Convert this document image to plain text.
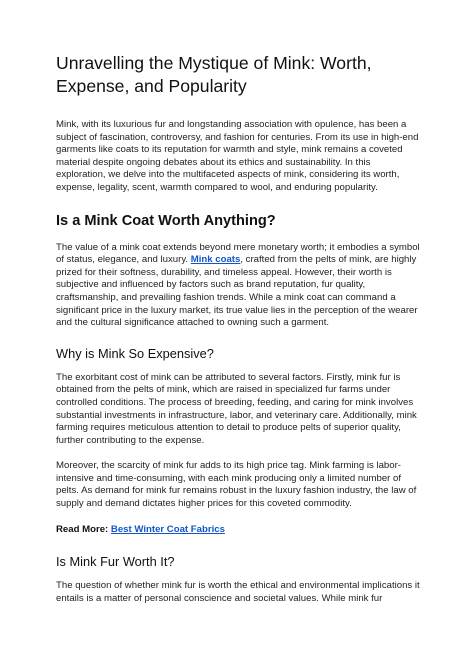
Unravelling the Mystique of Mink: Worth, Expense, and Popularity

Mink, with its luxurious fur and longstanding association with opulence, has been a subject of fascination, controversy, and fashion for centuries. From its use in high-end garments like coats to its reputation for warmth and style, mink remains a coveted material despite ongoing debates about its ethics and sustainability. In this exploration, we delve into the multifaceted aspects of mink, considering its worth, expense, legality, scent, warmth compared to wool, and enduring popularity.

Is a Mink Coat Worth Anything?

The value of a mink coat extends beyond mere monetary worth; it embodies a symbol of status, elegance, and luxury. Mink coats, crafted from the pelts of mink, are highly prized for their softness, durability, and timeless appeal. However, their worth is subjective and influenced by factors such as brand reputation, fur quality, craftsmanship, and prevailing fashion trends. While a mink coat can command a significant price in the luxury market, its true value lies in the perception of the wearer and the cultural significance attached to owning such a garment.

Why is Mink So Expensive?

The exorbitant cost of mink can be attributed to several factors. Firstly, mink fur is obtained from the pelts of mink, which are raised in specialized fur farms under controlled conditions. The process of breeding, feeding, and caring for mink involves substantial investments in infrastructure, labor, and veterinary care. Additionally, mink farming requires meticulous attention to detail to produce pelts of superior quality, further contributing to the expense.

Moreover, the scarcity of mink fur adds to its high price tag. Mink farming is labor-intensive and time-consuming, with each mink producing only a limited number of pelts. As demand for mink fur remains robust in the luxury fashion industry, the law of supply and demand dictates higher prices for this coveted commodity.

Read More: Best Winter Coat Fabrics

Is Mink Fur Worth It?

The question of whether mink fur is worth the ethical and environmental implications it entails is a matter of personal conscience and societal values. While mink fur
